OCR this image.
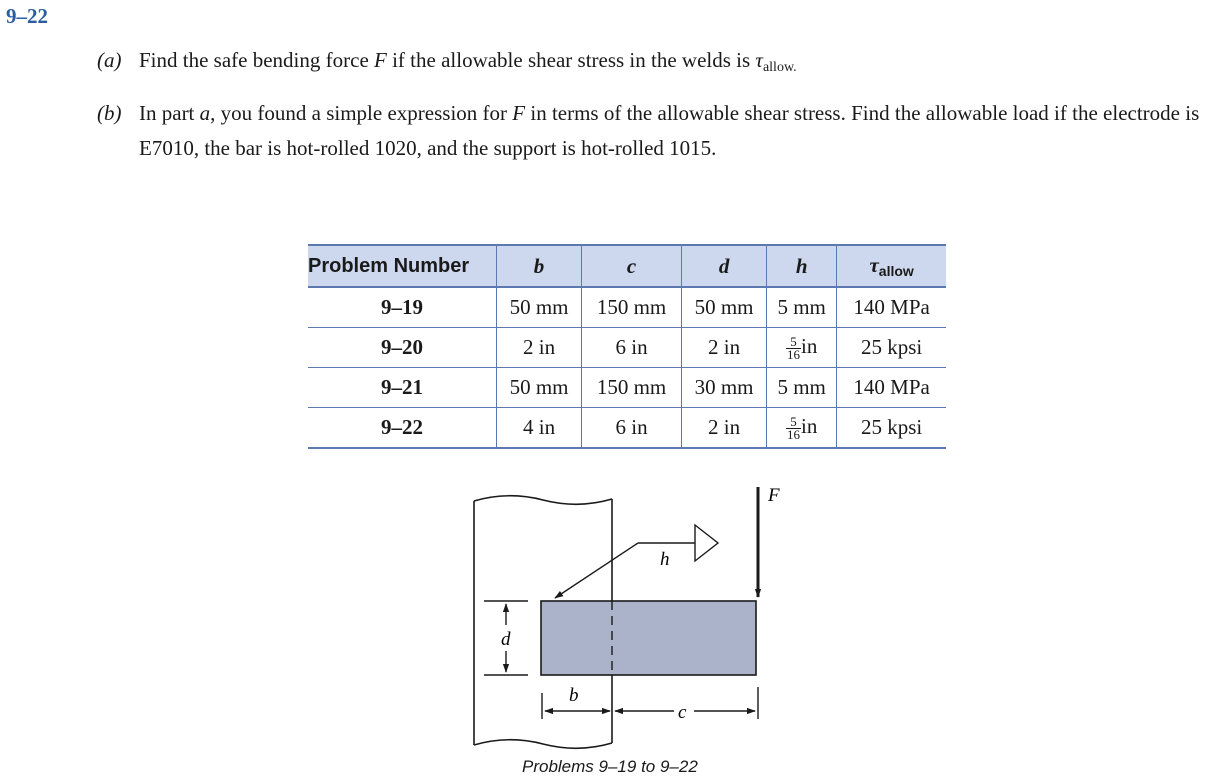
9–22
(a) Find the safe bending force F if the allowable shear stress in the welds is $\tau_{allow.}$
(b) In part a, you found a simple expression for F in terms of the allowable shear stress. Find the allowable load if the electrode is E7010, the bar is hot-rolled 1020, and the support is hot-rolled 1015.
Problem Number	b	c	d	h	$\tau_{allow}$
9–19	50 mm	150 mm	50 mm	5 mm	140 MPa
9–20	2 in	6 in	2 in	$\frac{5}{16}$ in	25 kpsi
9–21	50 mm	150 mm	30 mm	5 mm	140 MPa
9–22	4 in	6 in	2 in	$\frac{5}{16}$ in	25 kpsi
h
F
d
b
c
Problems 9–19 to 9–22
